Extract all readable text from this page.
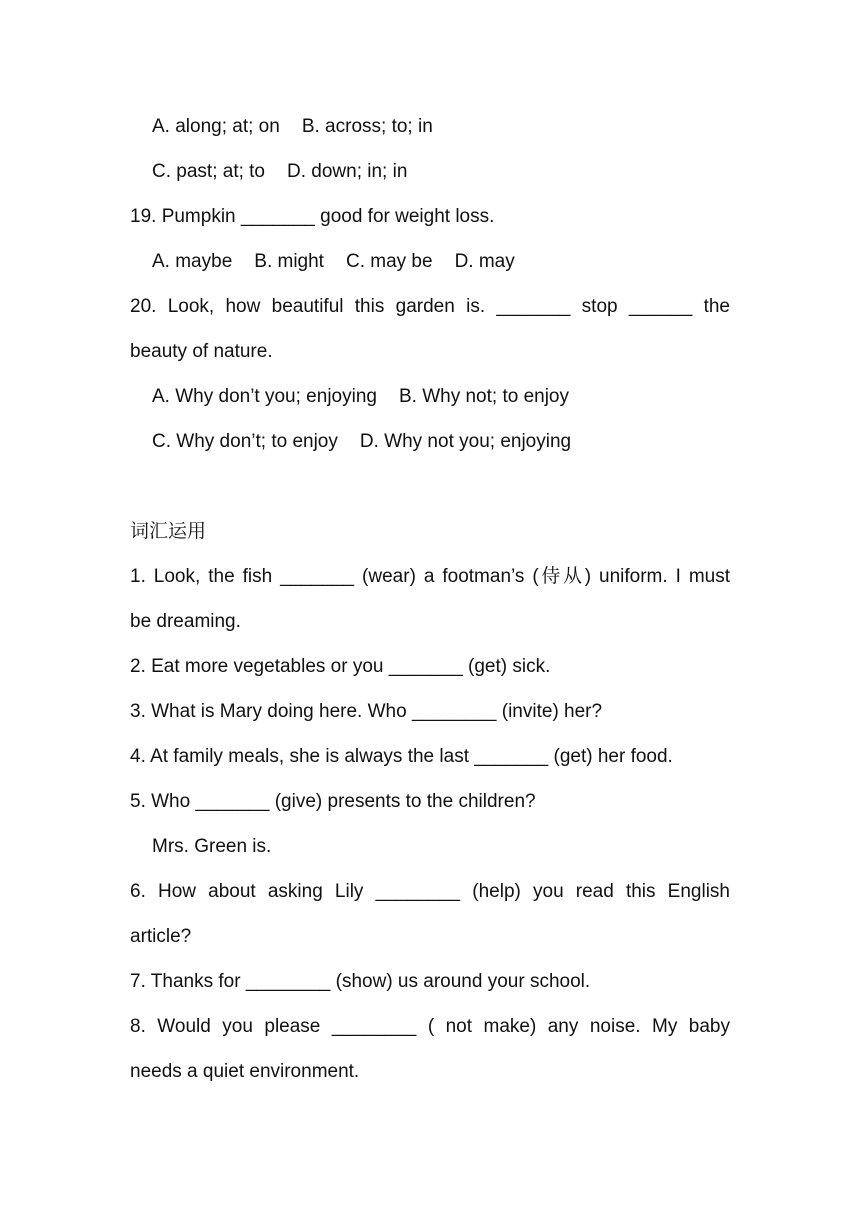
A. along; at; on B. across; to; in
C. past; at; to D. down; in; in
19. Pumpkin _______ good for weight loss.
A. maybe B. might C. may be D. may
20. Look, how beautiful this garden is. _______ stop ______ the
beauty of nature.
A. Why don’t you; enjoying B. Why not; to enjoy
C. Why don’t; to enjoy D. Why not you; enjoying
词汇运用
1. Look, the fish _______ (wear) a footman’s (侍从) uniform. I must
be dreaming.
2. Eat more vegetables or you _______ (get) sick.
3. What is Mary doing here. Who ________ (invite) her?
4. At family meals, she is always the last _______ (get) her food.
5. Who _______ (give) presents to the children?
Mrs. Green is.
6. How about asking Lily ________ (help) you read this English
article?
7. Thanks for ________ (show) us around your school.
8. Would you please ________ ( not make) any noise. My baby
needs a quiet environment.
